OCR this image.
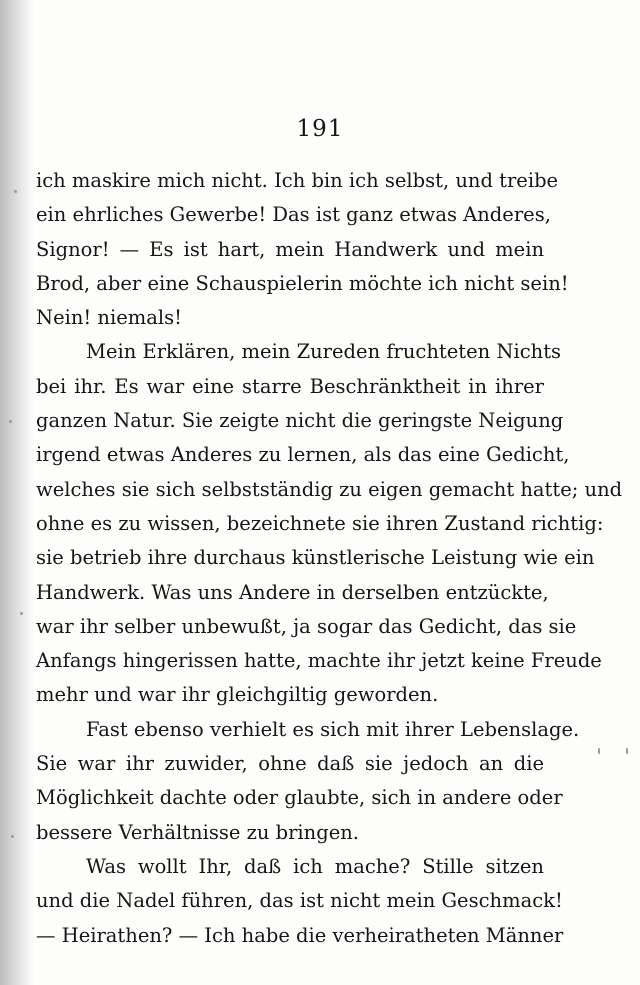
191
ich maskire mich nicht. Ich bin ich selbst, und treibe
ein ehrliches Gewerbe! Das ist ganz etwas Anderes,
Signor! — Es ist hart, mein Handwerk und mein
Brod, aber eine Schauspielerin möchte ich nicht sein!
Nein! niemals!
Mein Erklären, mein Zureden fruchteten Nichts
bei ihr. Es war eine starre Beschränktheit in ihrer
ganzen Natur. Sie zeigte nicht die geringste Neigung
irgend etwas Anderes zu lernen, als das eine Gedicht,
welches sie sich selbstständig zu eigen gemacht hatte; und
ohne es zu wissen, bezeichnete sie ihren Zustand richtig:
sie betrieb ihre durchaus künstlerische Leistung wie ein
Handwerk. Was uns Andere in derselben entzückte,
war ihr selber unbewußt, ja sogar das Gedicht, das sie
Anfangs hingerissen hatte, machte ihr jetzt keine Freude
mehr und war ihr gleichgiltig geworden.
Fast ebenso verhielt es sich mit ihrer Lebenslage.
Sie war ihr zuwider, ohne daß sie jedoch an die
Möglichkeit dachte oder glaubte, sich in andere oder
bessere Verhältnisse zu bringen.
Was wollt Ihr, daß ich mache? Stille sitzen
und die Nadel führen, das ist nicht mein Geschmack!
— Heirathen? — Ich habe die verheiratheten Männer
